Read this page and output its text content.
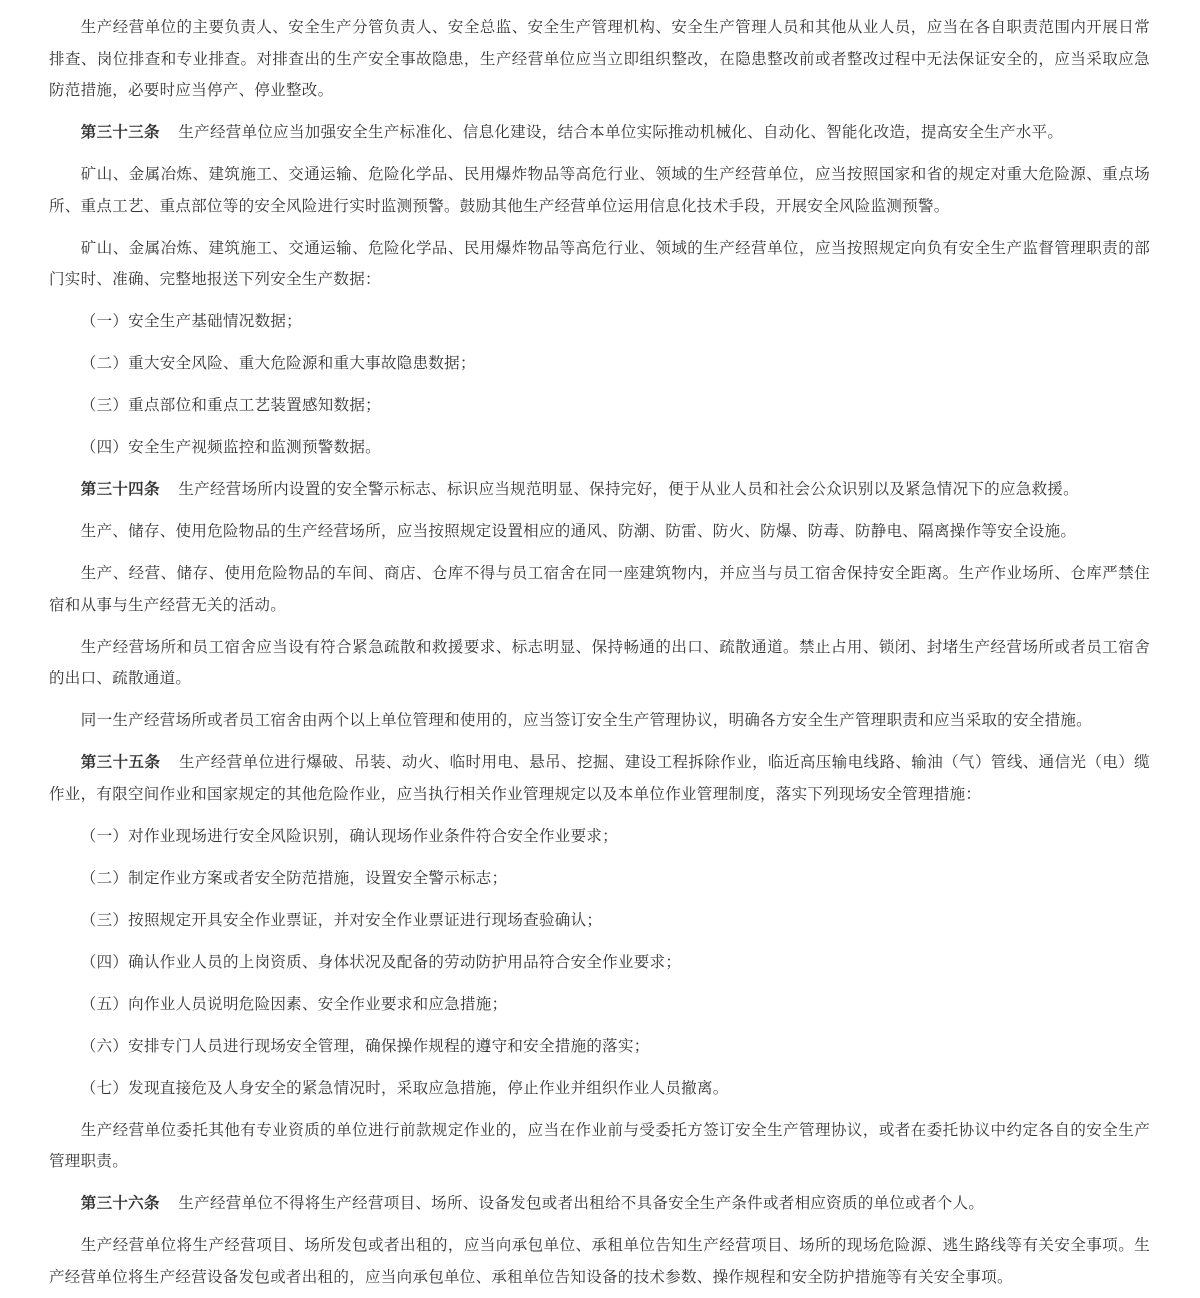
生产经营单位的主要负责人、安全生产分管负责人、安全总监、安全生产管理机构、安全生产管理人员和其他从业人员，应当在各自职责范围内开展日常排查、岗位排查和专业排查。对排查出的生产安全事故隐患，生产经营单位应当立即组织整改，在隐患整改前或者整改过程中无法保证安全的，应当采取应急防范措施，必要时应当停产、停业整改。

第三十三条 生产经营单位应当加强安全生产标准化、信息化建设，结合本单位实际推动机械化、自动化、智能化改造，提高安全生产水平。

矿山、金属冶炼、建筑施工、交通运输、危险化学品、民用爆炸物品等高危行业、领域的生产经营单位，应当按照国家和省的规定对重大危险源、重点场所、重点工艺、重点部位等的安全风险进行实时监测预警。鼓励其他生产经营单位运用信息化技术手段，开展安全风险监测预警。

矿山、金属冶炼、建筑施工、交通运输、危险化学品、民用爆炸物品等高危行业、领域的生产经营单位，应当按照规定向负有安全生产监督管理职责的部门实时、准确、完整地报送下列安全生产数据：

（一）安全生产基础情况数据；

（二）重大安全风险、重大危险源和重大事故隐患数据；

（三）重点部位和重点工艺装置感知数据；

（四）安全生产视频监控和监测预警数据。

第三十四条 生产经营场所内设置的安全警示标志、标识应当规范明显、保持完好，便于从业人员和社会公众识别以及紧急情况下的应急救援。

生产、储存、使用危险物品的生产经营场所，应当按照规定设置相应的通风、防潮、防雷、防火、防爆、防毒、防静电、隔离操作等安全设施。

生产、经营、储存、使用危险物品的车间、商店、仓库不得与员工宿舍在同一座建筑物内，并应当与员工宿舍保持安全距离。生产作业场所、仓库严禁住宿和从事与生产经营无关的活动。

生产经营场所和员工宿舍应当设有符合紧急疏散和救援要求、标志明显、保持畅通的出口、疏散通道。禁止占用、锁闭、封堵生产经营场所或者员工宿舍的出口、疏散通道。

同一生产经营场所或者员工宿舍由两个以上单位管理和使用的，应当签订安全生产管理协议，明确各方安全生产管理职责和应当采取的安全措施。

第三十五条 生产经营单位进行爆破、吊装、动火、临时用电、悬吊、挖掘、建设工程拆除作业，临近高压输电线路、输油（气）管线、通信光（电）缆作业，有限空间作业和国家规定的其他危险作业，应当执行相关作业管理规定以及本单位作业管理制度，落实下列现场安全管理措施：

（一）对作业现场进行安全风险识别，确认现场作业条件符合安全作业要求；

（二）制定作业方案或者安全防范措施，设置安全警示标志；

（三）按照规定开具安全作业票证，并对安全作业票证进行现场查验确认；

（四）确认作业人员的上岗资质、身体状况及配备的劳动防护用品符合安全作业要求；

（五）向作业人员说明危险因素、安全作业要求和应急措施；

（六）安排专门人员进行现场安全管理，确保操作规程的遵守和安全措施的落实；

（七）发现直接危及人身安全的紧急情况时，采取应急措施，停止作业并组织作业人员撤离。

生产经营单位委托其他有专业资质的单位进行前款规定作业的，应当在作业前与受委托方签订安全生产管理协议，或者在委托协议中约定各自的安全生产管理职责。

第三十六条 生产经营单位不得将生产经营项目、场所、设备发包或者出租给不具备安全生产条件或者相应资质的单位或者个人。

生产经营单位将生产经营项目、场所发包或者出租的，应当向承包单位、承租单位告知生产经营项目、场所的现场危险源、逃生路线等有关安全事项。生产经营单位将生产经营设备发包或者出租的，应当向承包单位、承租单位告知设备的技术参数、操作规程和安全防护措施等有关安全事项。
